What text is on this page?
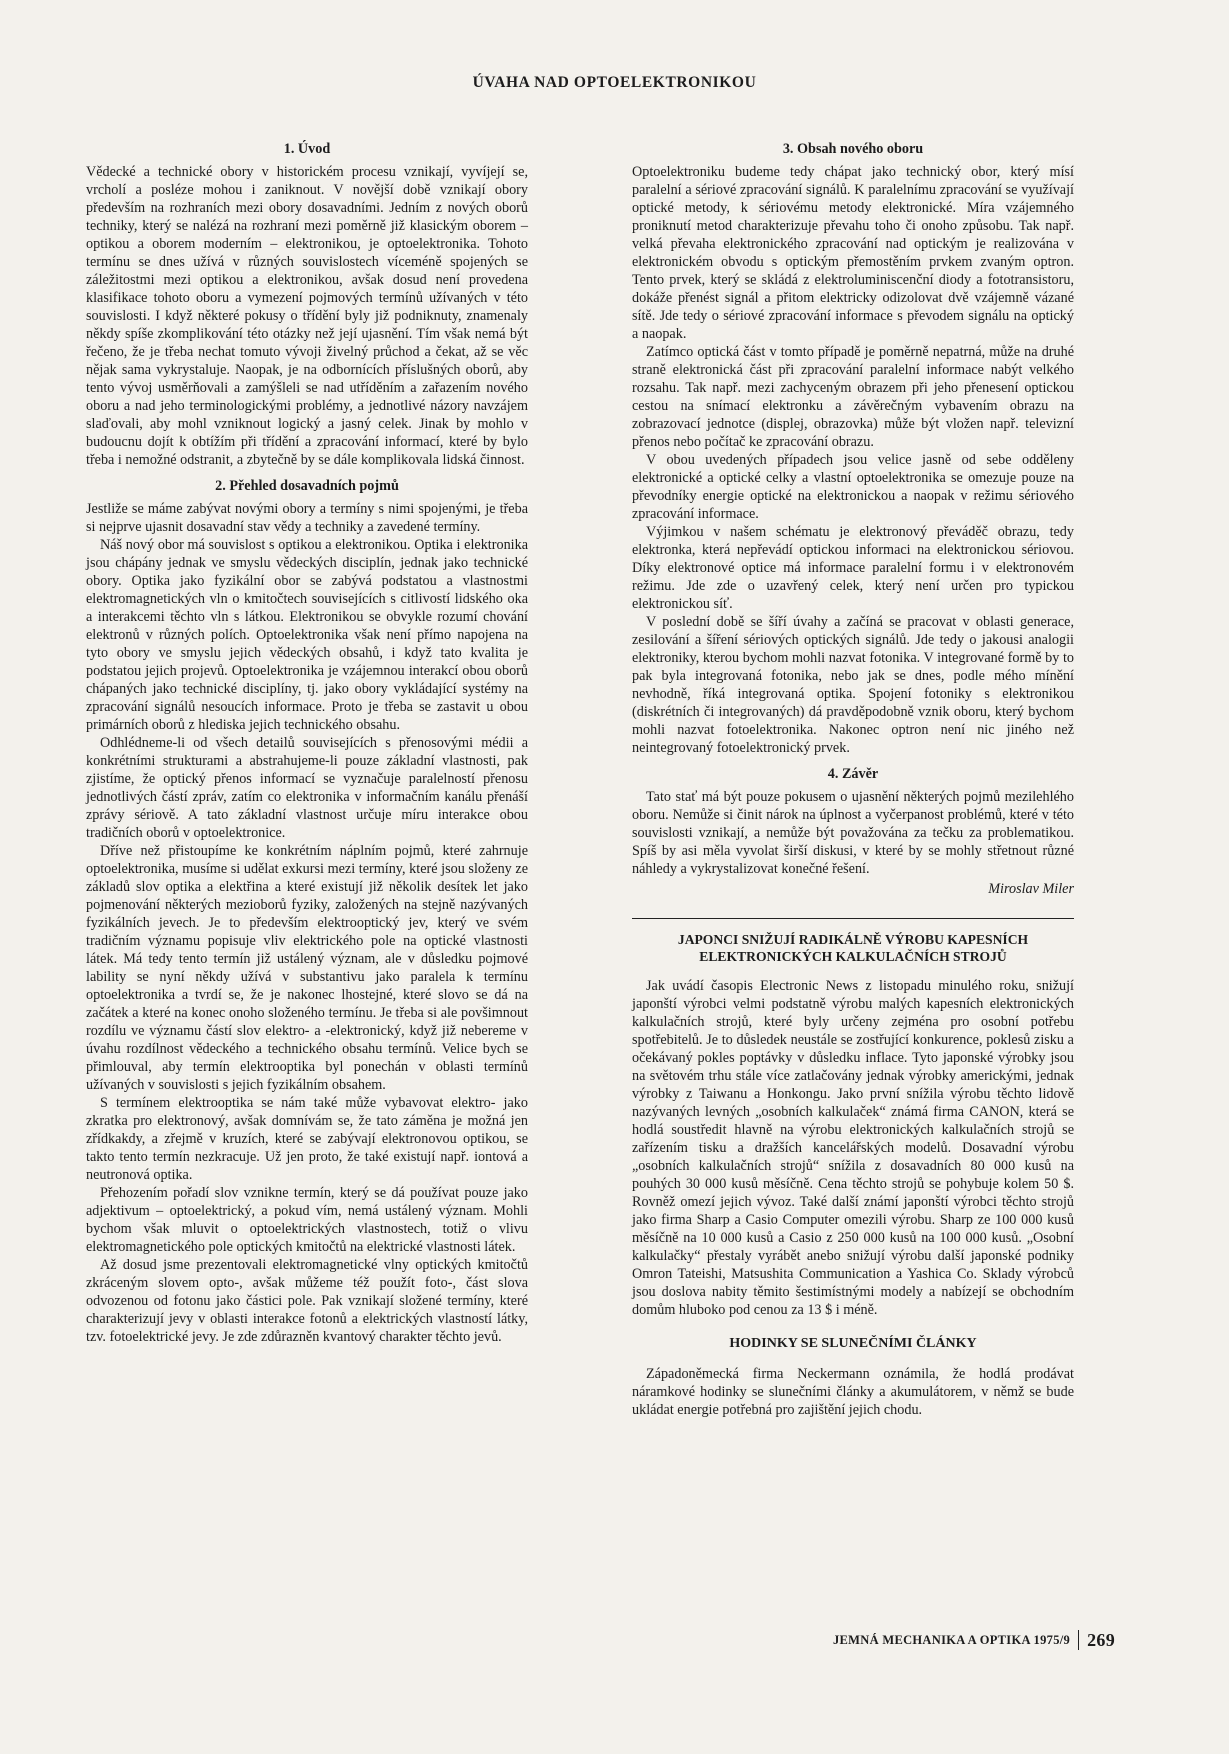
ÚVAHA NAD OPTOELEKTRONIKOU
1. Úvod

Vědecké a technické obory v historickém procesu vznikají, vyvíjejí se, vrcholí a posléze mohou i zaniknout. V novější době vznikají obory především na rozhraních mezi obory dosavadními. Jedním z nových oborů techniky, který se nalézá na rozhraní mezi poměrně již klasickým oborem – optikou a oborem moderním – elektronikou, je optoelektronika. Tohoto termínu se dnes užívá v různých souvislostech víceméně spojených se záležitostmi mezi optikou a elektronikou, avšak dosud není provedena klasifikace tohoto oboru a vymezení pojmových termínů užívaných v této souvislosti. I když některé pokusy o třídění byly již podniknuty, znamenaly někdy spíše zkomplikování této otázky než její ujasnění. Tím však nemá být řečeno, že je třeba nechat tomuto vývoji živelný průchod a čekat, až se věc nějak sama vykrystaluje. Naopak, je na odbornících příslušných oborů, aby tento vývoj usměrňovali a zamýšleli se nad utříděním a zařazením nového oboru a nad jeho terminologickými problémy, a jednotlivé názory navzájem slaďovali, aby mohl vzniknout logický a jasný celek. Jinak by mohlo v budoucnu dojít k obtížím při třídění a zpracování informací, které by bylo třeba i nemožné odstranit, a zbytečně by se dále komplikovala lidská činnost.

2. Přehled dosavadních pojmů

Jestliže se máme zabývat novými obory a termíny s nimi spojenými, je třeba si nejprve ujasnit dosavadní stav vědy a techniky a zavedené termíny.

Náš nový obor má souvislost s optikou a elektronikou. Optika i elektronika jsou chápány jednak ve smyslu vědeckých disciplín, jednak jako technické obory. Optika jako fyzikální obor se zabývá podstatou a vlastnostmi elektromagnetických vln o kmitočtech souvisejících s citlivostí lidského oka a interakcemi těchto vln s látkou. Elektronikou se obvykle rozumí chování elektronů v různých polích. Optoelektronika však není přímo napojena na tyto obory ve smyslu jejich vědeckých obsahů, i když tato kvalita je podstatou jejich projevů. Optoelektronika je vzájemnou interakcí obou oborů chápaných jako technické disciplíny, tj. jako obory vykládající systémy na zpracování signálů nesoucích informace. Proto je třeba se zastavit u obou primárních oborů z hlediska jejich technického obsahu.

Odhlédneme-li od všech detailů souvisejících s přenosovými médii a konkrétními strukturami a abstrahujeme-li pouze základní vlastnosti, pak zjistíme, že optický přenos informací se vyznačuje paralelností přenosu jednotlivých částí zpráv, zatím co elektronika v informačním kanálu přenáší zprávy sériově. A tato základní vlastnost určuje míru interakce obou tradičních oborů v optoelektronice.

Dříve než přistoupíme ke konkrétním náplním pojmů, které zahrnuje optoelektronika, musíme si udělat exkursi mezi termíny, které jsou složeny ze základů slov optika a elektřina a které existují již několik desítek let jako pojmenování některých mezioborů fyziky, založených na stejně nazývaných fyzikálních jevech. Je to především elektrooptický jev, který ve svém tradičním významu popisuje vliv elektrického pole na optické vlastnosti látek. Má tedy tento termín již ustálený význam, ale v důsledku pojmové lability se nyní někdy užívá v substantivu jako paralela k termínu optoelektronika a tvrdí se, že je nakonec lhostejné, které slovo se dá na začátek a které na konec onoho složeného termínu. Je třeba si ale povšimnout rozdílu ve významu částí slov elektro- a -elektronický, když již nebereme v úvahu rozdílnost vědeckého a technického obsahu termínů. Velice bych se přimlouval, aby termín elektrooptika byl ponechán v oblasti termínů užívaných v souvislosti s jejich fyzikálním obsahem.

S termínem elektrooptika se nám také může vybavovat elektro- jako zkratka pro elektronový, avšak domnívám se, že tato záměna je možná jen zřídkakdy, a zřejmě v kruzích, které se zabývají elektronovou optikou, se takto tento termín nezkracuje. Už jen proto, že také existují např. iontová a neutronová optika.

Přehozením pořadí slov vznikne termín, který se dá používat pouze jako adjektivum – optoelektrický, a pokud vím, nemá ustálený význam. Mohli bychom však mluvit o optoelektrických vlastnostech, totiž o vlivu elektromagnetického pole optických kmitočtů na elektrické vlastnosti látek.

Až dosud jsme prezentovali elektromagnetické vlny optických kmitočtů zkráceným slovem opto-, avšak můžeme též použít foto-, část slova odvozenou od fotonu jako částici pole. Pak vznikají složené termíny, které charakterizují jevy v oblasti interakce fotonů a elektrických vlastností látky, tzv. fotoelektrické jevy. Je zde zdůrazněn kvantový charakter těchto jevů.

3. Obsah nového oboru

Optoelektroniku budeme tedy chápat jako technický obor, který mísí paralelní a sériové zpracování signálů. K paralelnímu zpracování se využívají optické metody, k sériovému metody elektronické. Míra vzájemného proniknutí metod charakterizuje převahu toho či onoho způsobu. Tak např. velká převaha elektronického zpracování nad optickým je realizována v elektronickém obvodu s optickým přemostěním prvkem zvaným optron. Tento prvek, který se skládá z elektroluminiscenční diody a fototransistoru, dokáže přenést signál a přitom elektricky odizolovat dvě vzájemně vázané sítě. Jde tedy o sériové zpracování informace s převodem signálu na optický a naopak.

Zatímco optická část v tomto případě je poměrně nepatrná, může na druhé straně elektronická část při zpracování paralelní informace nabýt velkého rozsahu. Tak např. mezi zachyceným obrazem při jeho přenesení optickou cestou na snímací elektronku a závěrečným vybavením obrazu na zobrazovací jednotce (displej, obrazovka) může být vložen např. televizní přenos nebo počítač ke zpracování obrazu.

V obou uvedených případech jsou velice jasně od sebe odděleny elektronické a optické celky a vlastní optoelektronika se omezuje pouze na převodníky energie optické na elektronickou a naopak v režimu sériového zpracování informace.

Výjimkou v našem schématu je elektronový převáděč obrazu, tedy elektronka, která nepřevádí optickou informaci na elektronickou sériovou. Díky elektronové optice má informace paralelní formu i v elektronovém režimu. Jde zde o uzavřený celek, který není určen pro typickou elektronickou síť.

V poslední době se šíří úvahy a začíná se pracovat v oblasti generace, zesilování a šíření sériových optických signálů. Jde tedy o jakousi analogii elektroniky, kterou bychom mohli nazvat fotonika. V integrované formě by to pak byla integrovaná fotonika, nebo jak se dnes, podle mého mínění nevhodně, říká integrovaná optika. Spojení fotoniky s elektronikou (diskrétních či integrovaných) dá pravděpodobně vznik oboru, který bychom mohli nazvat fotoelektronika. Nakonec optron není nic jiného než neintegrovaný fotoelektronický prvek.

4. Závěr

Tato stať má být pouze pokusem o ujasnění některých pojmů mezilehlého oboru. Nemůže si činit nárok na úplnost a vyčerpanost problémů, které v této souvislosti vznikají, a nemůže být považována za tečku za problematikou. Spíš by asi měla vyvolat širší diskusi, v které by se mohly střetnout různé náhledy a vykrystalizovat konečné řešení.

Miroslav Miler
JAPONCI SNIŽUJÍ RADIKÁLNĚ VÝROBU KAPESNÍCH ELEKTRONICKÝCH KALKULAČNÍCH STROJŮ

Jak uvádí časopis Electronic News z listopadu minulého roku, snižují japonští výrobci velmi podstatně výrobu malých kapesních elektronických kalkulačních strojů, které byly určeny zejména pro osobní potřebu spotřebitelů. Je to důsledek neustále se zostřující konkurence, poklesů zisku a očekávaný pokles poptávky v důsledku inflace. Tyto japonské výrobky jsou na světovém trhu stále více zatlačovány jednak výrobky americkými, jednak výrobky z Taiwanu a Honkongu. Jako první snížila výrobu těchto lidově nazývaných levných „osobních kalkulaček“ známá firma CANON, která se hodlá soustředit hlavně na výrobu elektronických kalkulačních strojů se zařízením tisku a dražších kancelářských modelů. Dosavadní výrobu „osobních kalkulačních strojů“ snížila z dosavadních 80 000 kusů na pouhých 30 000 kusů měsíčně. Cena těchto strojů se pohybuje kolem 50 $. Rovněž omezí jejich vývoz. Také další známí japonští výrobci těchto strojů jako firma Sharp a Casio Computer omezili výrobu. Sharp ze 100 000 kusů měsíčně na 10 000 kusů a Casio z 250 000 kusů na 100 000 kusů. „Osobní kalkulačky“ přestaly vyrábět anebo snižují výrobu další japonské podniky Omron Tateishi, Matsushita Communication a Yashica Co. Sklady výrobců jsou doslova nabity těmito šestimístnými modely a nabízejí se obchodním domům hluboko pod cenou za 13 $ i méně.

HODINKY SE SLUNEČNÍMI ČLÁNKY

Západoněmecká firma Neckermann oznámila, že hodlá prodávat náramkové hodinky se slunečními články a akumulátorem, v němž se bude ukládat energie potřebná pro zajištění jejich chodu.

JEMNÁ MECHANIKA A OPTIKA 1975/9 269
